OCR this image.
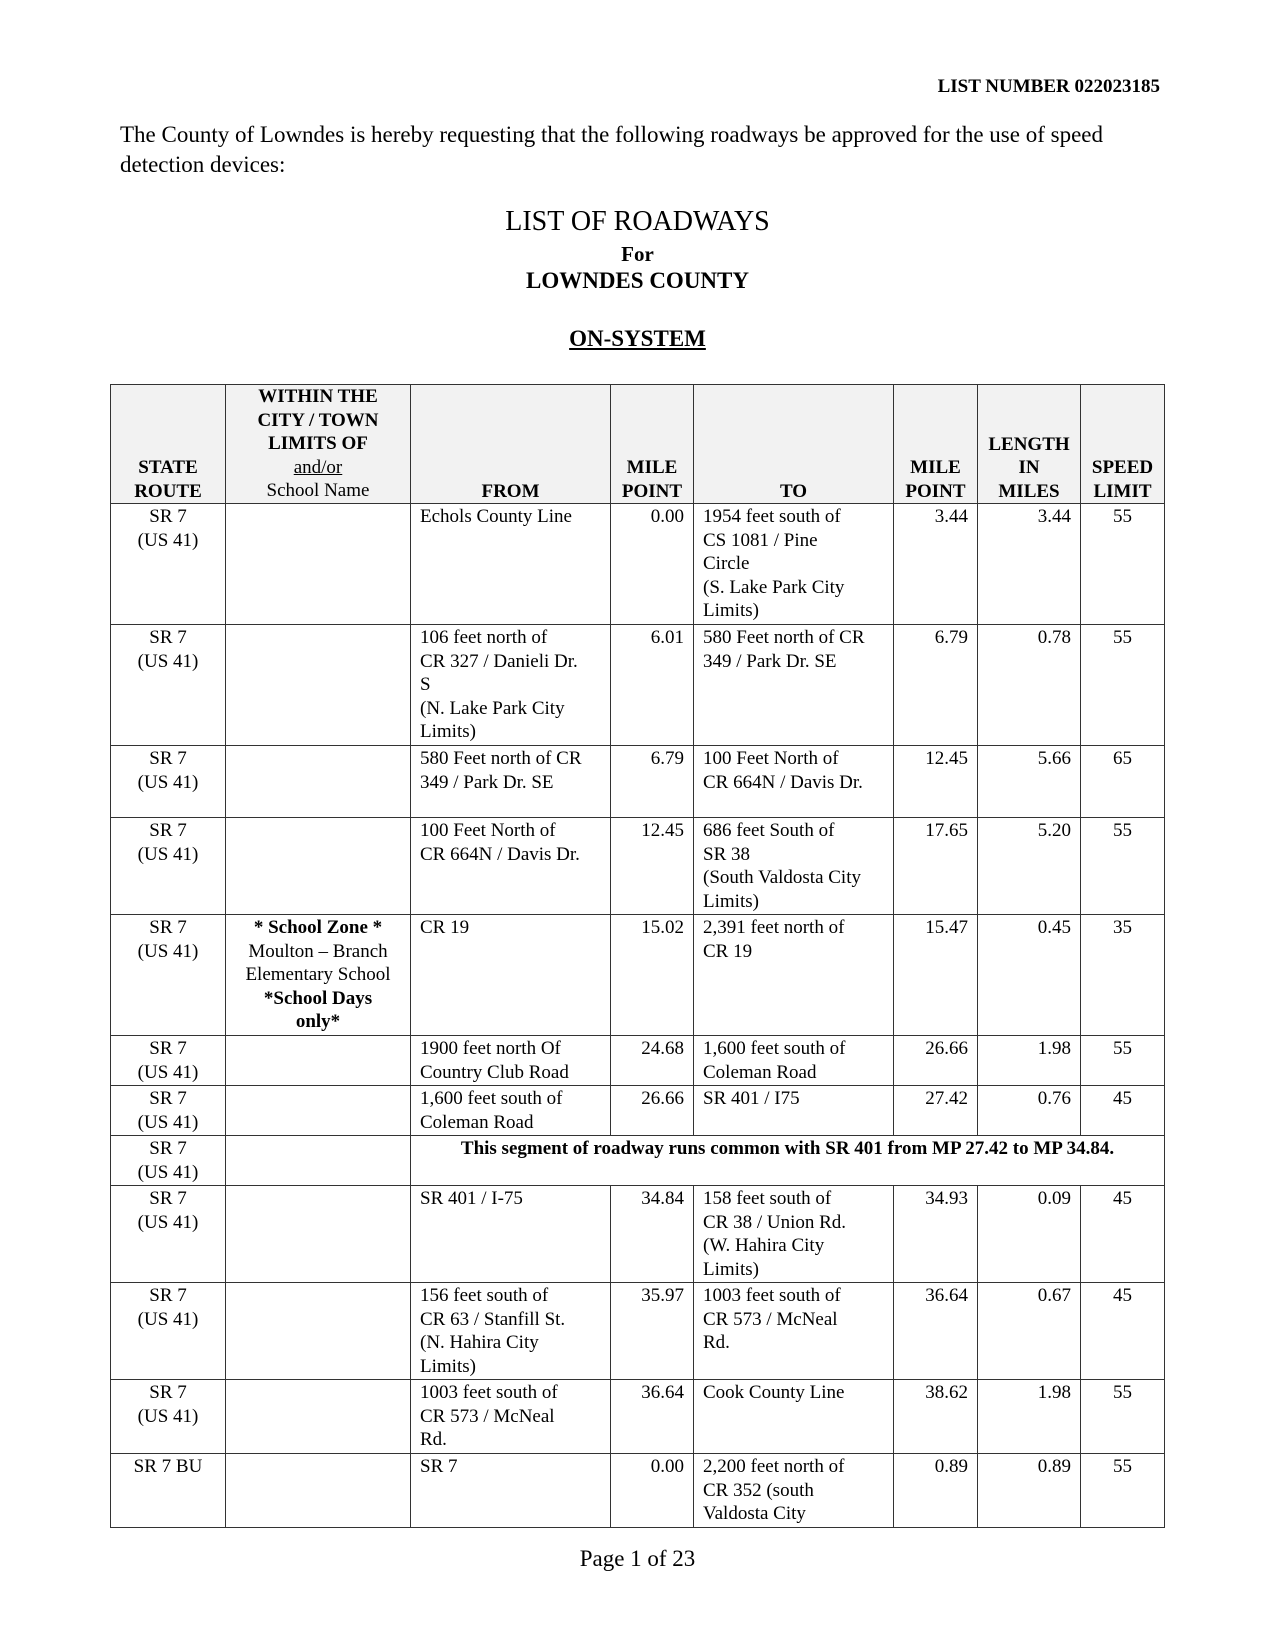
LIST NUMBER 022023185
The County of Lowndes is hereby requesting that the following roadways be approved for the use of speed detection devices:
LIST OF ROADWAYS
For
LOWNDES COUNTY
ON-SYSTEM
STATE
ROUTE	WITHIN THE
CITY / TOWN
LIMITS OF
and/or
School Name	FROM	MILE
POINT	TO	MILE
POINT	LENGTH
IN
MILES	SPEED
LIMIT
SR 7
(US 41)		Echols County Line	0.00	1954 feet south of
CS 1081 / Pine
Circle
(S. Lake Park City
Limits)	3.44	3.44	55
SR 7
(US 41)		106 feet north of
CR 327 / Danieli Dr.
S
(N. Lake Park City
Limits)	6.01	580 Feet north of CR
349 / Park Dr. SE	6.79	0.78	55
SR 7
(US 41)		580 Feet north of CR
349 / Park Dr. SE	6.79	100 Feet North of
CR 664N / Davis Dr.	12.45	5.66	65
SR 7
(US 41)		100 Feet North of
CR 664N / Davis Dr.	12.45	686 feet South of
SR 38
(South Valdosta City
Limits)	17.65	5.20	55
SR 7
(US 41)	* School Zone *
Moulton – Branch
Elementary School
*School Days
only*	CR 19	15.02	2,391 feet north of
CR 19	15.47	0.45	35
SR 7
(US 41)		1900 feet north Of
Country Club Road	24.68	1,600 feet south of
Coleman Road	26.66	1.98	55
SR 7
(US 41)		1,600 feet south of
Coleman Road	26.66	SR 401 / I75	27.42	0.76	45
SR 7
(US 41)		This segment of roadway runs common with SR 401 from MP 27.42 to MP 34.84.					
SR 7
(US 41)		SR 401 / I-75	34.84	158 feet south of
CR 38 / Union Rd.
(W. Hahira City
Limits)	34.93	0.09	45
SR 7
(US 41)		156 feet south of
CR 63 / Stanfill St.
(N. Hahira City
Limits)	35.97	1003 feet south of
CR 573 / McNeal
Rd.	36.64	0.67	45
SR 7
(US 41)		1003 feet south of
CR 573 / McNeal
Rd.	36.64	Cook County Line	38.62	1.98	55
SR 7 BU		SR 7	0.00	2,200 feet north of
CR 352 (south
Valdosta City	0.89	0.89	55
Page 1 of 23
